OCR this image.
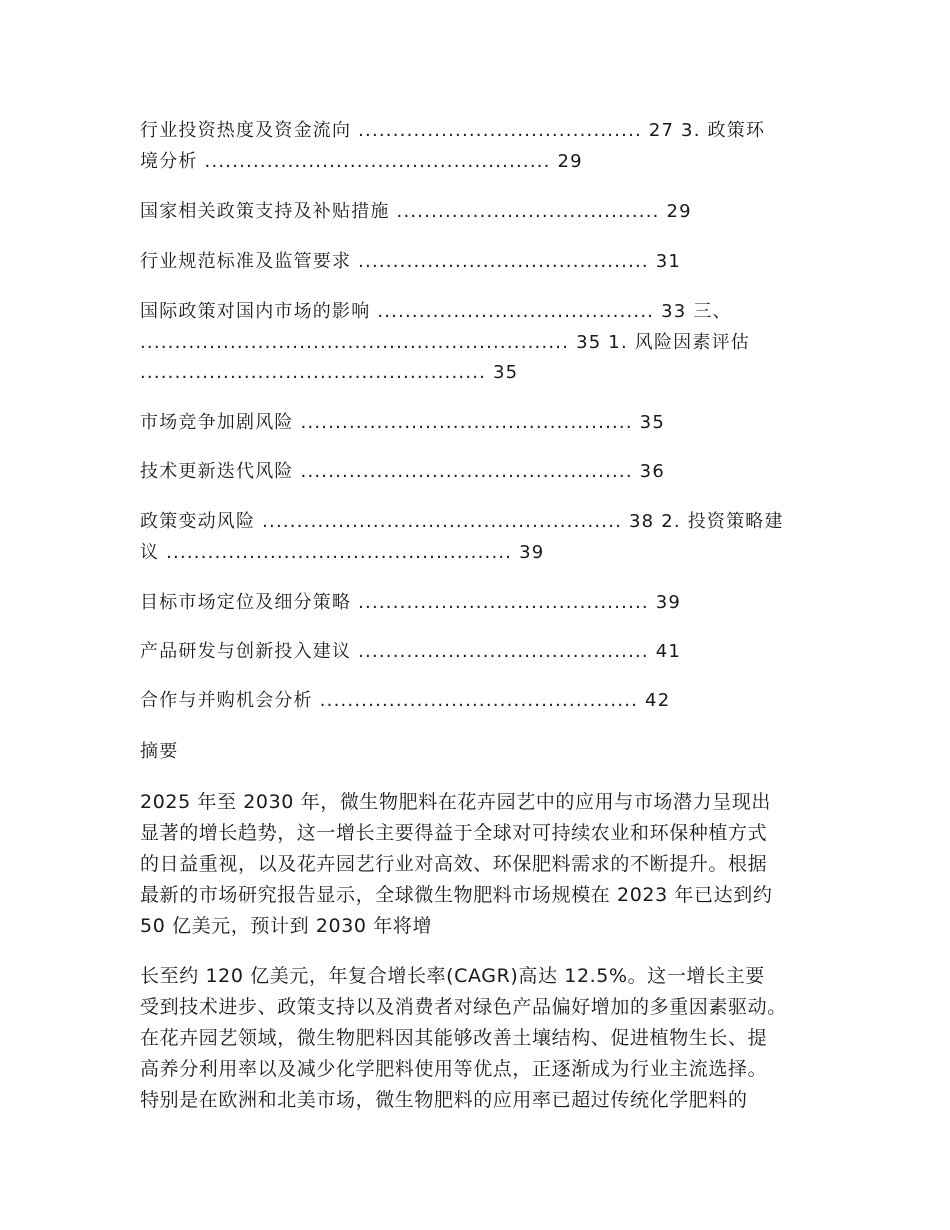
行业投资热度及资金流向 ......................................... 27 3. 政策环
境分析 .................................................. 29
国家相关政策支持及补贴措施 ...................................... 29
行业规范标准及监管要求 .......................................... 31
国际政策对国内市场的影响 ........................................ 33 三、
.............................................................. 35 1. 风险因素评估
.................................................. 35
市场竞争加剧风险 ................................................ 35
技术更新迭代风险 ................................................ 36
政策变动风险 .................................................... 38 2. 投资策略建
议 .................................................. 39
目标市场定位及细分策略 .......................................... 39
产品研发与创新投入建议 .......................................... 41
合作与并购机会分析 .............................................. 42
摘要
2025 年至 2030 年，微生物肥料在花卉园艺中的应用与市场潜力呈现出
显著的增长趋势，这一增长主要得益于全球对可持续农业和环保种植方式
的日益重视，以及花卉园艺行业对高效、环保肥料需求的不断提升。根据
最新的市场研究报告显示，全球微生物肥料市场规模在 2023 年已达到约
50 亿美元，预计到 2030 年将增
长至约 120 亿美元，年复合增长率(CAGR)高达 12.5%。这一增长主要
受到技术进步、政策支持以及消费者对绿色产品偏好增加的多重因素驱动。
在花卉园艺领域，微生物肥料因其能够改善土壤结构、促进植物生长、提
高养分利用率以及减少化学肥料使用等优点，正逐渐成为行业主流选择。
特别是在欧洲和北美市场，微生物肥料的应用率已超过传统化学肥料的
